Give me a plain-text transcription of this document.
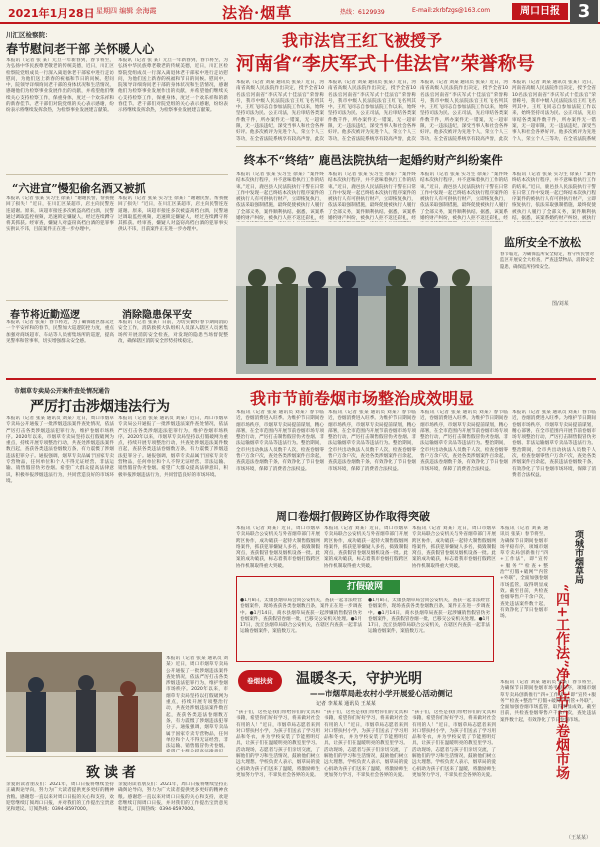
2021年1月28日 星期四 编辑 余海霞	法治·烟草	热线：6129939	E-mail:zkrbfzgs@163.com	周口日报 3
川汇区检察院：
春节慰问老干部 关怀暖人心
本报讯（记者 张 某）元旦一年新春到，春节将至，为弘扬中华民族尊老敬老的传统美德，近日，川汇区检察院党组成员一行深入离退休老干部家中进行走访慰问，为他们送上新春的祝福和节日的问候。慰问中，院领导详细询问老干部的身体状况和生活情况，感谢他们为检察事业发展作出的贡献，并希望他们继续关心支持检察工作，保重身体，度过一个欢乐祥和的新春佳节。老干部们对院党组的关心表示感谢，纷纷表示将继续发挥余热，为检察事业发展建言献策。
本报讯（记者 张 某）元旦一年新春到，春节将至，为弘扬中华民族尊老敬老的传统美德，近日，川汇区检察院党组成员一行深入离退休老干部家中进行走访慰问，为他们送上新春的祝福和节日的问候。慰问中，院领导详细询问老干部的身体状况和生活情况，感谢他们为检察事业发展作出的贡献，并希望他们继续关心支持检察工作，保重身体，度过一个欢乐祥和的新春佳节。老干部们对院党组的关心表示感谢，纷纷表示将继续发挥余热，为检察事业发展建言献策。
“六进宣”慢犯偷名酒又被抓
本报讯（记者 张某 实习生 徐某）“谢谢民警，帮我挽回了损失！”近日，在川汇区某超市，店主向民警连连道谢。原来，该超市接连多次被盗高档白酒，民警通过调取监控视频，迅速锁定嫌疑人，经过连续蹲守将其抓获。经审查，嫌疑人对盗窃高档白酒的犯罪事实供认不讳，目前案件正在进一步办理中。
本报讯（记者 张某 实习生 徐某）“谢谢民警，帮我挽回了损失！”近日，在川汇区某超市，店主向民警连连道谢。原来，该超市接连多次被盗高档白酒，民警通过调取监控视频，迅速锁定嫌疑人，经过连续蹲守将其抓获。经审查，嫌疑人对盗窃高档白酒的犯罪事实供认不讳，目前案件正在进一步办理中。
春节将近勤巡逻
本报讯（记者 张某）春节将近，为了确保辖区群众过一个平安祥和的春节，民警加大巡逻防控力度，重点加强对商场超市、车站等人员密集场所的巡逻，提高见警率和管事率，切实增强群众安全感。
消除隐患保平安
本报讯（记者 张某）日前，为切实做好春节期间消防安全工作，消防救援大队组织人员深入辖区人员密集场所开展消防安全检查，对发现的隐患当场督促整改，确保辖区消防安全形势持续稳定。
我市法官王红飞被授予
河南省“李庆军式十佳法官”荣誉称号
本报讯（记者 刘某 通讯员 张某）近日，河南省高级人民法院作出决定，授予全省10名法官河南省“李庆军式十佳法官”荣誉称号，我市中级人民法院法官王红飞名列其中。王红飞同志自参加法院工作以来，始终坚持司法为民、公正司法，先后审结各类案件数千件，所办案件无一错案，无一超审限，无一违法违纪，深受当事人和社会各界好评。他多次被评为先进个人，荣立个人三等功，在全省法院系统享有较高声誉，此次
本报讯（记者 刘某 通讯员 张某）近日，河南省高级人民法院作出决定，授予全省10名法官河南省“李庆军式十佳法官”荣誉称号，我市中级人民法院法官王红飞名列其中。王红飞同志自参加法院工作以来，始终坚持司法为民、公正司法，先后审结各类案件数千件，所办案件无一错案，无一超审限，无一违法违纪，深受当事人和社会各界好评。他多次被评为先进个人，荣立个人三等功，在全省法院系统享有较高声誉，此次
本报讯（记者 刘某 通讯员 张某）近日，河南省高级人民法院作出决定，授予全省10名法官河南省“李庆军式十佳法官”荣誉称号，我市中级人民法院法官王红飞名列其中。王红飞同志自参加法院工作以来，始终坚持司法为民、公正司法，先后审结各类案件数千件，所办案件无一错案，无一超审限，无一违法违纪，深受当事人和社会各界好评。他多次被评为先进个人，荣立个人三等功，在全省法院系统享有较高声誉，此次
本报讯（记者 刘某 通讯员 张某）近日，河南省高级人民法院作出决定，授予全省10名法官河南省“李庆军式十佳法官”荣誉称号，我市中级人民法院法官王红飞名列其中。王红飞同志自参加法院工作以来，始终坚持司法为民、公正司法，先后审结各类案件数千件，所办案件无一错案，无一超审限，无一违法违纪，深受当事人和社会各界好评。他多次被评为先进个人，荣立个人三等功，在全省法院系统
终本不“终结” 鹿邑法院执结一起婚约财产纠纷案件
本报讯（记者 张某 实习生 徐某）“案件终结本次执行程序，并不意味着执行工作的结束。”近日，鹿邑县人民法院执行干警在日常工作中发现一起已终结本次执行程序案件的被执行人有可供执行财产，立即恢复执行，依法采取强制措施，最终促使被执行人履行了全部义务，案件顺利执结。据悉，该案系婚约财产纠纷，被执行人拒不返还彩礼，经
本报讯（记者 张某 实习生 徐某）“案件终结本次执行程序，并不意味着执行工作的结束。”近日，鹿邑县人民法院执行干警在日常工作中发现一起已终结本次执行程序案件的被执行人有可供执行财产，立即恢复执行，依法采取强制措施，最终促使被执行人履行了全部义务，案件顺利执结。据悉，该案系婚约财产纠纷，被执行人拒不返还彩礼，经
本报讯（记者 张某 实习生 徐某）“案件终结本次执行程序，并不意味着执行工作的结束。”近日，鹿邑县人民法院执行干警在日常工作中发现一起已终结本次执行程序案件的被执行人有可供执行财产，立即恢复执行，依法采取强制措施，最终促使被执行人履行了全部义务，案件顺利执结。据悉，该案系婚约财产纠纷，被执行人拒不返还彩礼，经
本报讯（记者 张某 实习生 徐某）“案件终结本次执行程序，并不意味着执行工作的结束。”近日，鹿邑县人民法院执行干警在日常工作中发现一起已终结本次执行程序案件的被执行人有可供执行财产，立即恢复执行，依法采取强制措施，最终促使被执行人履行了全部义务，案件顺利执结。据悉，该案系婚约财产纠纷，被执行
监所安全不放松
春节临近，为确保监所安全稳定，看守所民警对监区开展安全大检查，严查违禁物品，消除安全隐患，确保监所持续安全。
图/刘某
市烟草专卖局公开案件查处情况通告
严厉打击涉烟违法行为
本报讯（记者 张某 通讯员 刘某）近日，周口市烟草专卖局公开通报了一批涉烟违法案件查处情况，依法严厉打击各类涉烟违法犯罪行为，维护卷烟市场秩序。2020年以来，市烟草专卖局坚持以打假破网为重点，持续开展专项整治行动，共查处涉烟违法案件数百起，查获各类违法卷烟数万条，有力震慑了涉烟违法犯罪分子。通报强调，烟草专卖品属于国家专卖专营物品，任何单位和个人不得无证经营、非法运输、销售假冒伪劣卷烟。希望广大群众提高法律意识，积极举报涉烟违法行为，共同营造良好的市场环境。
本报讯（记者 张某 通讯员 刘某）近日，周口市烟草专卖局公开通报了一批涉烟违法案件查处情况，依法严厉打击各类涉烟违法犯罪行为，维护卷烟市场秩序。2020年以来，市烟草专卖局坚持以打假破网为重点，持续开展专项整治行动，共查处涉烟违法案件数百起，查获各类违法卷烟数万条，有力震慑了涉烟违法犯罪分子。通报强调，烟草专卖品属于国家专卖专营物品，任何单位和个人不得无证经营、非法运输、销售假冒伪劣卷烟。希望广大群众提高法律意识，积极举报涉烟违法行为，共同营造良好的市场环境。
我市节前卷烟市场整治成效明显
本报讯（记者 张某 通讯员 刘某）春节临近，卷烟消费进入旺季。为维护节日期间卷烟市场秩序，市烟草专卖局提前谋划，精心部署，在全市范围内开展节前卷烟市场专项整治行动，严厉打击制售假冒伪劣卷烟、非法运输烟草专卖品等违法行为。整治期间，全市共出动执法人员数千人次，检查卷烟零售户万余户次，查处各类涉烟案件百余起，查获违法卷烟数千条，有效净化了节日卷烟市场环境，保障了消费者合法权益。
本报讯（记者 张某 通讯员 刘某）春节临近，卷烟消费进入旺季。为维护节日期间卷烟市场秩序，市烟草专卖局提前谋划，精心部署，在全市范围内开展节前卷烟市场专项整治行动，严厉打击制售假冒伪劣卷烟、非法运输烟草专卖品等违法行为。整治期间，全市共出动执法人员数千人次，检查卷烟零售户万余户次，查处各类涉烟案件百余起，查获违法卷烟数千条，有效净化了节日卷烟市场环境，保障了消费者合法权益。
本报讯（记者 张某 通讯员 刘某）春节临近，卷烟消费进入旺季。为维护节日期间卷烟市场秩序，市烟草专卖局提前谋划，精心部署，在全市范围内开展节前卷烟市场专项整治行动，严厉打击制售假冒伪劣卷烟、非法运输烟草专卖品等违法行为。整治期间，全市共出动执法人员数千人次，检查卷烟零售户万余户次，查处各类涉烟案件百余起，查获违法卷烟数千条，有效净化了节日卷烟市场环境，保障了消费者合法权益。
本报讯（记者 张某 通讯员 刘某）春节临近，卷烟消费进入旺季。为维护节日期间卷烟市场秩序，市烟草专卖局提前谋划，精心部署，在全市范围内开展节前卷烟市场专项整治行动，严厉打击制售假冒伪劣卷烟、非法运输烟草专卖品等违法行为。整治期间，全市共出动执法人员数千人次，检查卷烟零售户万余户次，查处各类涉烟案件百余起，查获违法卷烟数千条，有效净化了节日卷烟市场环境，保障了消费者合法权益。
周口卷烟打假跨区协作取得突破
本报讯（记者 刘某）近日，周口市烟草专卖局联合公安机关与外省烟草部门开展跨区协作，成功破获一起特大制售假烟网络案件，抓获犯罪嫌疑人多名，捣毁制假窝点，查获假冒卷烟及烟机设备一批。此案的成功破获，标志着我市卷烟打假跨区协作机制取得重大突破。
本报讯（记者 刘某）近日，周口市烟草专卖局联合公安机关与外省烟草部门开展跨区协作，成功破获一起特大制售假烟网络案件，抓获犯罪嫌疑人多名，捣毁制假窝点，查获假冒卷烟及烟机设备一批。此案的成功破获，标志着我市卷烟打假跨区协作机制取得重大突破。
本报讯（记者 刘某）近日，周口市烟草专卖局联合公安机关与外省烟草部门开展跨区协作，成功破获一起特大制售假烟网络案件，抓获犯罪嫌疑人多名，捣毁制假窝点，查获假冒卷烟及烟机设备一批。此案的成功破获，标志着我市卷烟打假跨区协作机制取得重大突破。
本报讯（记者 刘某 通讯员 张某）春节将至，为确保节日期间卷烟市场平稳有序，项城市烟草专卖局创新推行“四+工作法”，即“宣传+服务”“检查+整治”“打假+破网”“内管+外联”，全面加强卷烟市场监管，取得明显成效。截至目前，共检查卷烟零售户千余户次，查处违法案件数十起，有效净化了节日卷烟市场。
项城市烟草局
“四+工作法”净化节日卷烟市场
本报讯（记者 刘某 通讯员 张某）春节将至，为确保节日期间卷烟市场平稳有序，项城市烟草专卖局创新推行“四+工作法”，即“宣传+服务”“检查+整治”“打假+破网”“内管+外联”，全面加强卷烟市场监管，取得明显成效。截至目前，共检查卷烟零售户千余户次，查处违法案件数十起，有效净化了节日卷烟市场。
（王某某）
打假破网
●1月8日，太康县烟草局会同公安机关，查获一起非法经营卷烟案件，现场查获各类卷烟数百条，案件正在进一步调查中。●1月14日，商水县烟草局查获一起涉嫌销售假冒伪劣卷烟案件，查获假冒卷烟一批，已移交公安机关处理。●1月17日，沈丘县烟草局联合公安机关，在辖区内查获一起非法运输卷烟案件，案值数万元。
●1月8日，太康县烟草局会同公安机关，查获一起非法经营卷烟案件，现场查获各类卷烟数百条，案件正在进一步调查中。●1月14日，商水县烟草局查获一起涉嫌销售假冒伪劣卷烟案件，查获假冒卷烟一批，已移交公安机关处理。●1月17日，沈丘县烟草局联合公安机关，在辖区内查获一起非法运输卷烟案件，案值数万元。
本报讯（记者 张某 通讯员 刘某）近日，周口市烟草专卖局公开通报了一批涉烟违法案件查处情况，依法严厉打击各类涉烟违法犯罪行为，维护卷烟市场秩序。2020年以来，市烟草专卖局坚持以打假破网为重点，持续开展专项整治行动，共查处涉烟违法案件数百起，查获各类违法卷烟数万条，有力震慑了涉烟违法犯罪分子。通报强调，烟草专卖品属于国家专卖专营物品，任何单位和个人不得无证经营、非法运输、销售假冒伪劣卷烟。
致读者
亲爱的读者朋友们：2021年，周口日报将继续坚持正确舆论导向，努力为广大读者提供更多更好的精神食粮。感谢您一直以来对周口日报的关心和支持，欢迎您继续订阅周口日报，并对我们的工作提出宝贵意见和建议。订阅热线：0394-8597000。
亲爱的读者朋友们：2021年，周口日报将继续坚持正确舆论导向，努力为广大读者提供更多更好的精神食粮。感谢您一直以来对周口日报的关心和支持，欢迎您继续订阅周口日报，并对我们的工作提出宝贵意见和建议。订阅热线：0394-8597000。
卷烟扶贫	温暖冬天，守护光明
——市烟草局赴农村小学开展爱心活动侧记
记者 李某某 通讯员 王某某
“孩子们，这些是我们带给你们的文具和书籍，希望你们好好学习，将来做对社会有用的人！”近日，市烟草局志愿者来到对口帮扶村小学，为孩子们送去了学习用品和冬衣，并为学校安装了节能照明灯具，让孩子们在温暖明亮的教室里学习。活动现场，志愿者与孩子们亲切交流，了解他们的学习和生活情况，鼓励他们树立远大理想。学校负责人表示，烟草局的爱心捐助为孩子们送来了温暖，将激励师生更加努力学习，不辜负社会各界的关爱。
“孩子们，这些是我们带给你们的文具和书籍，希望你们好好学习，将来做对社会有用的人！”近日，市烟草局志愿者来到对口帮扶村小学，为孩子们送去了学习用品和冬衣，并为学校安装了节能照明灯具，让孩子们在温暖明亮的教室里学习。活动现场，志愿者与孩子们亲切交流，了解他们的学习和生活情况，鼓励他们树立远大理想。学校负责人表示，烟草局的爱心捐助为孩子们送来了温暖，将激励师生更加努力学习，不辜负社会各界的关爱。
“孩子们，这些是我们带给你们的文具和书籍，希望你们好好学习，将来做对社会有用的人！”近日，市烟草局志愿者来到对口帮扶村小学，为孩子们送去了学习用品和冬衣，并为学校安装了节能照明灯具，让孩子们在温暖明亮的教室里学习。活动现场，志愿者与孩子们亲切交流，了解他们的学习和生活情况，鼓励他们树立远大理想。学校负责人表示，烟草局的爱心捐助为孩子们送来了温暖，将激励师生更加努力学习，不辜负社会各界的关爱。
